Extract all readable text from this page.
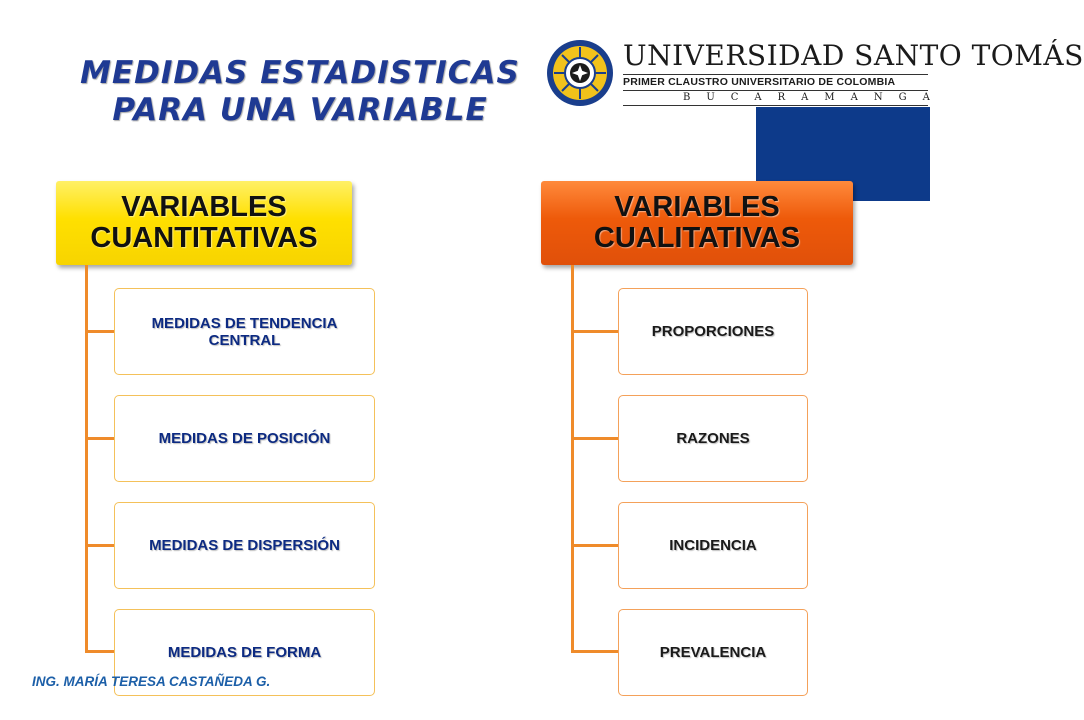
MEDIDAS ESTADISTICAS
PARA UNA VARIABLE
UNIVERSIDAD SANTO TOMÁS
PRIMER CLAUSTRO UNIVERSITARIO DE COLOMBIA
BUCARAMANGA
VARIABLES CUANTITATIVAS
MEDIDAS DE TENDENCIA CENTRAL
MEDIDAS DE POSICIÓN
MEDIDAS DE DISPERSIÓN
MEDIDAS DE FORMA
VARIABLES CUALITATIVAS
PROPORCIONES
RAZONES
INCIDENCIA
PREVALENCIA
ING. MARÍA TERESA CASTAÑEDA G.
